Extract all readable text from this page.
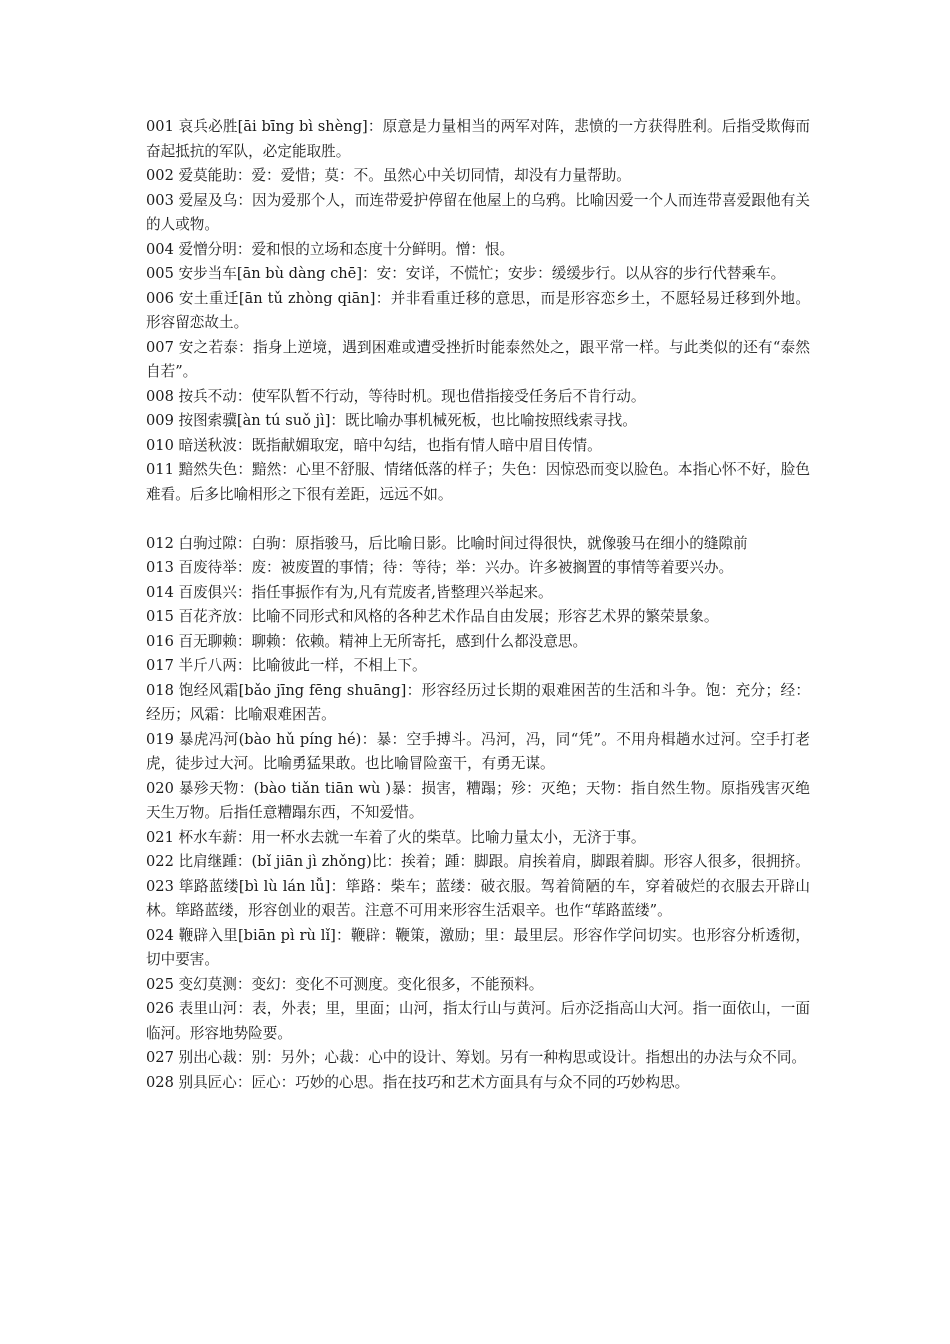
001 哀兵必胜[āi bīng bì shèng]：原意是力量相当的两军对阵，悲愤的一方获得胜利。后指受欺侮而奋起抵抗的军队，必定能取胜。

002 爱莫能助：爱：爱惜；莫：不。虽然心中关切同情，却没有力量帮助。

003 爱屋及乌：因为爱那个人，而连带爱护停留在他屋上的乌鸦。比喻因爱一个人而连带喜爱跟他有关的人或物。

004 爱憎分明：爱和恨的立场和态度十分鲜明。憎：恨。

005 安步当车[ān bù dàng chē]：安：安详，不慌忙；安步：缓缓步行。以从容的步行代替乘车。

006 安土重迁[ān tǔ zhòng qiān]：并非看重迁移的意思，而是形容恋乡土，不愿轻易迁移到外地。形容留恋故土。

007 安之若泰：指身上逆境，遇到困难或遭受挫折时能泰然处之，跟平常一样。与此类似的还有“泰然自若”。

008 按兵不动：使军队暂不行动，等待时机。现也借指接受任务后不肯行动。

009 按图索骥[àn tú suǒ jì]：既比喻办事机械死板，也比喻按照线索寻找。

010 暗送秋波：既指献媚取宠，暗中勾结，也指有情人暗中眉目传情。

011 黯然失色：黯然：心里不舒服、情绪低落的样子；失色：因惊恐而变以脸色。本指心怀不好，脸色难看。后多比喻相形之下很有差距，远远不如。

012 白驹过隙：白驹：原指骏马，后比喻日影。比喻时间过得很快，就像骏马在细小的缝隙前

013 百废待举：废：被废置的事情；待：等待；举：兴办。许多被搁置的事情等着要兴办。

014 百废俱兴：指任事振作有为,凡有荒废者,皆整理兴举起来。

015 百花齐放：比喻不同形式和风格的各种艺术作品自由发展；形容艺术界的繁荣景象。

016 百无聊赖：聊赖：依赖。精神上无所寄托，感到什么都没意思。

017 半斤八两：比喻彼此一样，不相上下。

018 饱经风霜[bǎo jīng fēng shuāng]：形容经历过长期的艰难困苦的生活和斗争。饱：充分；经：经历；风霜：比喻艰难困苦。

019 暴虎冯河(bào hǔ píng hé)：暴：空手搏斗。冯河，冯，同“凭”。不用舟楫趟水过河。空手打老虎，徒步过大河。比喻勇猛果敢。也比喻冒险蛮干，有勇无谋。

020 暴殄天物：(bào tiǎn tiān wù )暴：损害，糟蹋；殄：灭绝；天物：指自然生物。原指残害灭绝天生万物。后指任意糟蹋东西，不知爱惜。

021 杯水车薪：用一杯水去就一车着了火的柴草。比喻力量太小，无济于事。

022 比肩继踵：(bǐ jiān jì zhǒng)比：挨着；踵：脚跟。肩挨着肩，脚跟着脚。形容人很多，很拥挤。

023 筚路蓝缕[bì lù lán lǚ]：筚路：柴车；蓝缕：破衣服。驾着简陋的车，穿着破烂的衣服去开辟山林。筚路蓝缕，形容创业的艰苦。注意不可用来形容生活艰辛。也作“荜路蓝缕”。

024 鞭辟入里[biān pì rù lǐ]：鞭辟：鞭策，激励；里：最里层。形容作学问切实。也形容分析透彻，切中要害。

025 变幻莫测：变幻：变化不可测度。变化很多，不能预料。

026 表里山河：表，外表；里，里面；山河，指太行山与黄河。后亦泛指高山大河。指一面依山，一面临河。形容地势险要。

027 别出心裁：别：另外；心裁：心中的设计、筹划。另有一种构思或设计。指想出的办法与众不同。

028 别具匠心：匠心：巧妙的心思。指在技巧和艺术方面具有与众不同的巧妙构思。
